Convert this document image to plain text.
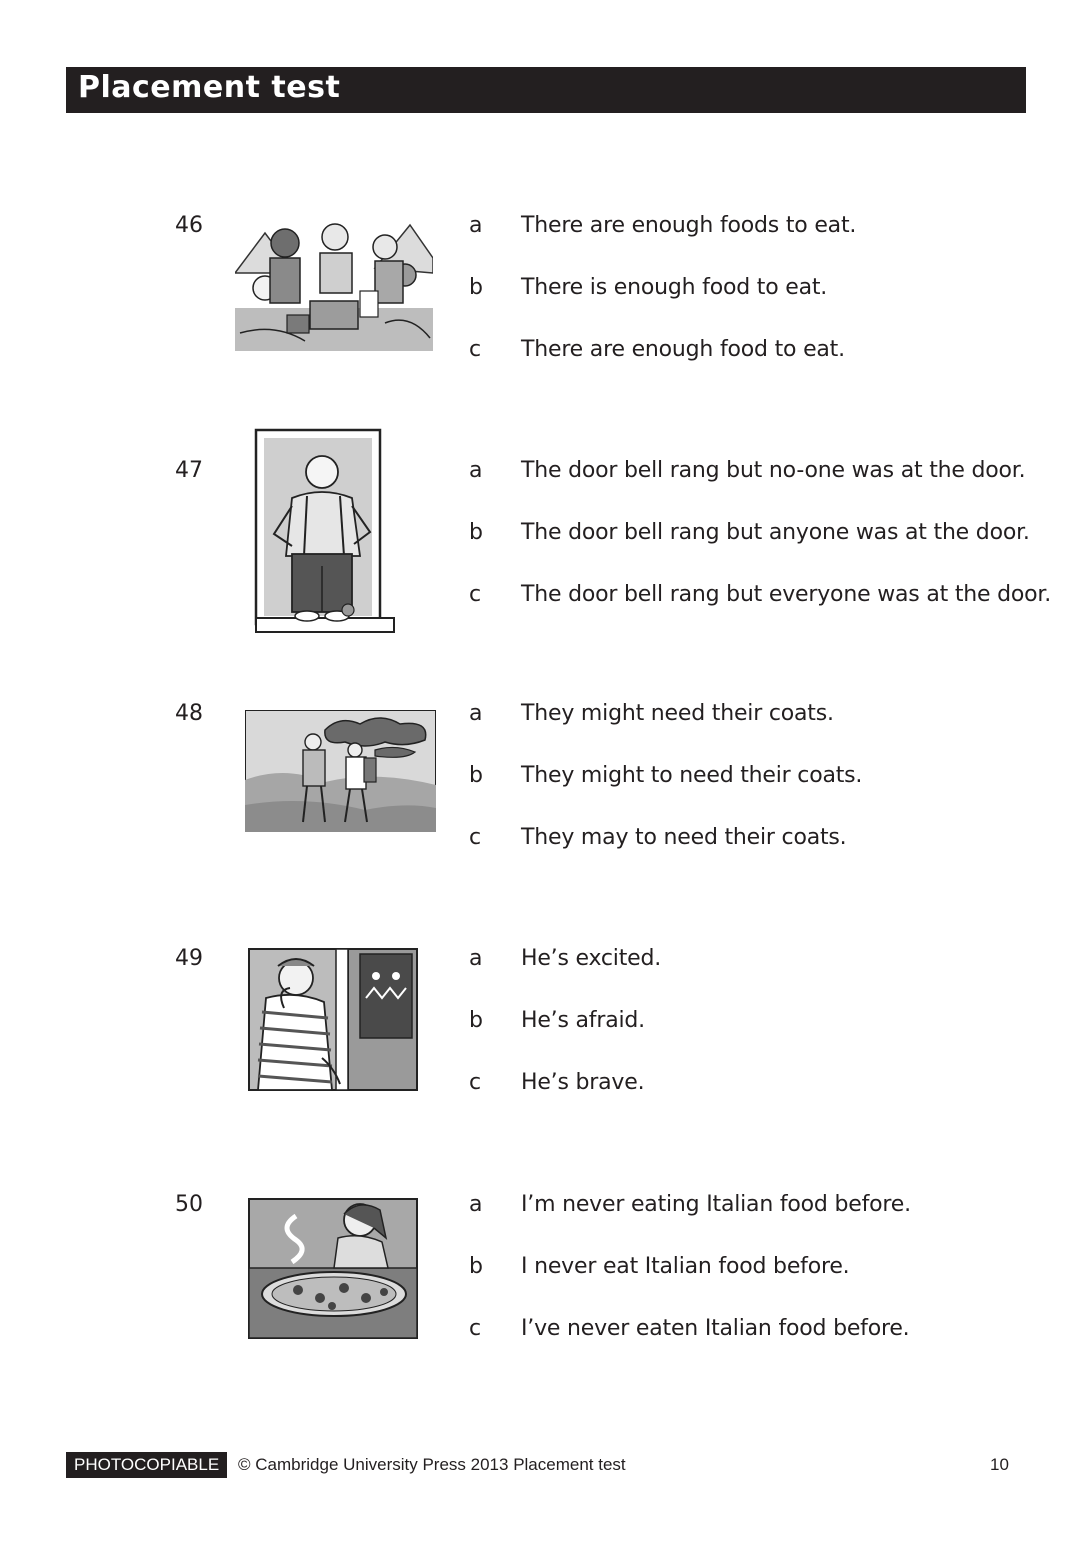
Placement test
46	a There are enough foods to eat.
b There is enough food to eat.
c There are enough food to eat.
47	a The door bell rang but no-one was at the door.
b The door bell rang but anyone was at the door.
c The door bell rang but everyone was at the door.
48	a They might need their coats.
b They might to need their coats.
c They may to need their coats.
49	a He’s excited.
b He’s afraid.
c He’s brave.
50	a I’m never eating Italian food before.
b I never eat Italian food before.
c I’ve never eaten Italian food before.
PHOTOCOPIABLE	© Cambridge University Press 2013 Placement test	10
